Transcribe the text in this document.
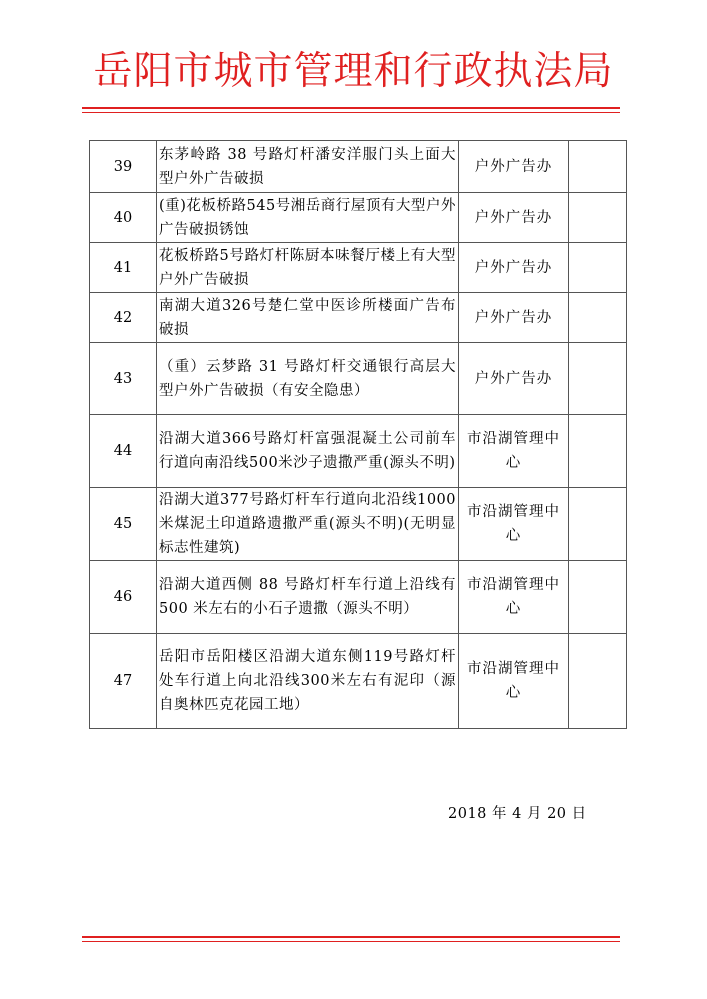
岳阳市城市管理和行政执法局
39	东茅岭路 38 号路灯杆潘安洋服门头上面大型户外广告破损	户外广告办	
40	(重)花板桥路545号湘岳商行屋顶有大型户外广告破损锈蚀	户外广告办	
41	花板桥路5号路灯杆陈厨本味餐厅楼上有大型户外广告破损	户外广告办	
42	南湖大道326号楚仁堂中医诊所楼面广告布破损	户外广告办	
43	（重）云梦路 31 号路灯杆交通银行高层大型户外广告破损（有安全隐患）	户外广告办	
44	沿湖大道366号路灯杆富强混凝土公司前车行道向南沿线500米沙子遗撒严重(源头不明)	市沿湖管理中心	
45	沿湖大道377号路灯杆车行道向北沿线1000 米煤泥土印道路遗撒严重(源头不明)(无明显标志性建筑)	市沿湖管理中心	
46	沿湖大道西侧 88 号路灯杆车行道上沿线有 500 米左右的小石子遗撒（源头不明）	市沿湖管理中心	
47	岳阳市岳阳楼区沿湖大道东侧119号路灯杆处车行道上向北沿线300米左右有泥印（源自奥林匹克花园工地）	市沿湖管理中心	
2018 年 4 月 20 日
